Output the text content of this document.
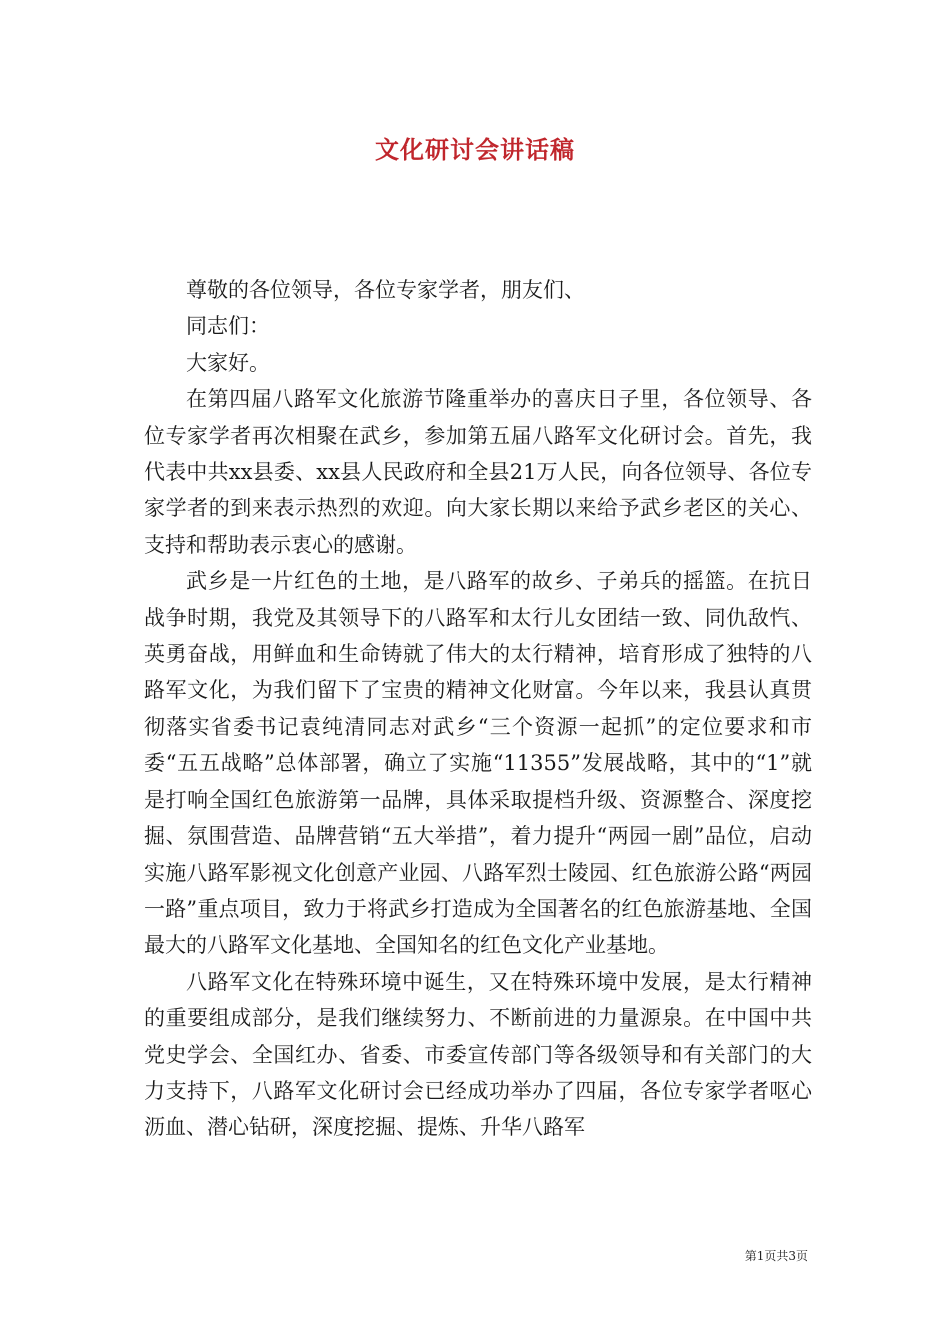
文化研讨会讲话稿

尊敬的各位领导，各位专家学者，朋友们、

同志们：

大家好。

在第四届八路军文化旅游节隆重举办的喜庆日子里，各位领导、各位专家学者再次相聚在武乡，参加第五届八路军文化研讨会。首先，我代表中共xx县委、xx县人民政府和全县21万人民，向各位领导、各位专家学者的到来表示热烈的欢迎。向大家长期以来给予武乡老区的关心、支持和帮助表示衷心的感谢。

武乡是一片红色的土地，是八路军的故乡、子弟兵的摇篮。在抗日战争时期，我党及其领导下的八路军和太行儿女团结一致、同仇敌忾、英勇奋战，用鲜血和生命铸就了伟大的太行精神，培育形成了独特的八路军文化，为我们留下了宝贵的精神文化财富。今年以来，我县认真贯彻落实省委书记袁纯清同志对武乡“三个资源一起抓”的定位要求和市委“五五战略”总体部署，确立了实施“11355”发展战略，其中的“1”就是打响全国红色旅游第一品牌，具体采取提档升级、资源整合、深度挖掘、氛围营造、品牌营销“五大举措”，着力提升“两园一剧”品位，启动实施八路军影视文化创意产业园、八路军烈士陵园、红色旅游公路“两园一路”重点项目，致力于将武乡打造成为全国著名的红色旅游基地、全国最大的八路军文化基地、全国知名的红色文化产业基地。

八路军文化在特殊环境中诞生，又在特殊环境中发展，是太行精神的重要组成部分，是我们继续努力、不断前进的力量源泉。在中国中共党史学会、全国红办、省委、市委宣传部门等各级领导和有关部门的大力支持下，八路军文化研讨会已经成功举办了四届，各位专家学者呕心沥血、潜心钻研，深度挖掘、提炼、升华八路军

第1页共3页
